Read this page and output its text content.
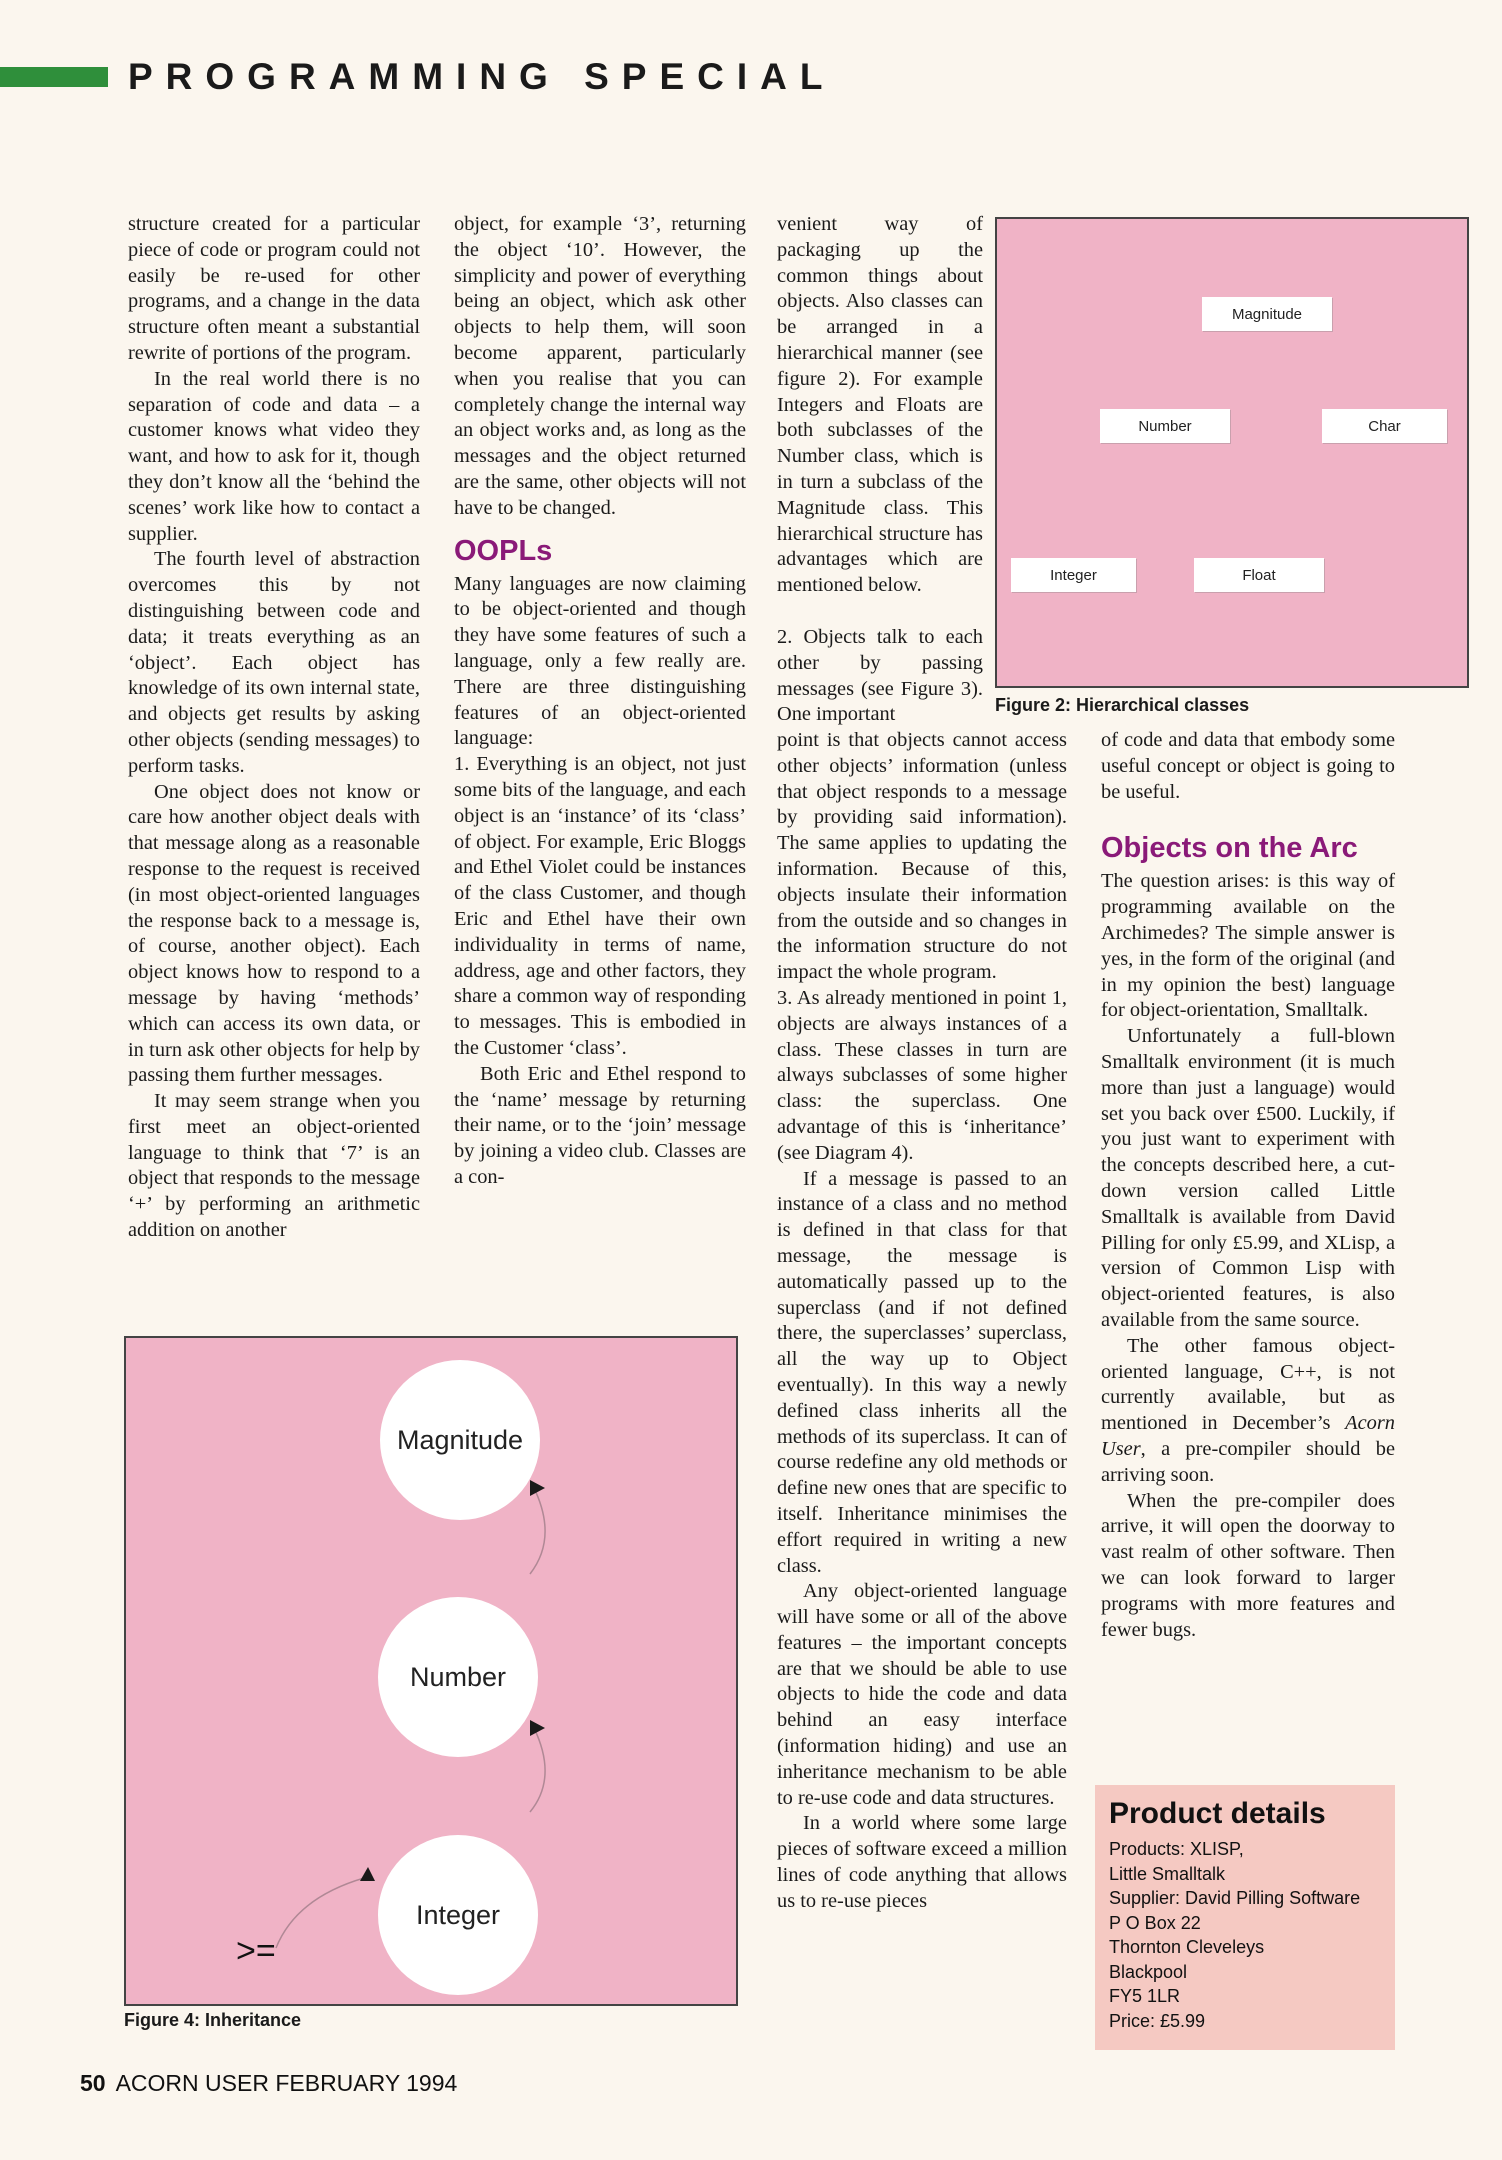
PROGRAMMING SPECIAL

structure created for a particular piece of code or program could not easily be re-used for other programs, and a change in the data structure often meant a substantial rewrite of portions of the program.

In the real world there is no separation of code and data – a customer knows what video they want, and how to ask for it, though they don’t know all the ‘behind the scenes’ work like how to contact a supplier.

The fourth level of abstraction overcomes this by not distinguishing between code and data; it treats everything as an ‘object’. Each object has knowledge of its own internal state, and objects get results by asking other objects (sending messages) to perform tasks.

One object does not know or care how another object deals with that message along as a reasonable response to the request is received (in most object-oriented languages the response back to a message is, of course, another object). Each object knows how to respond to a message by having ‘methods’ which can access its own data, or in turn ask other objects for help by passing them further messages.

It may seem strange when you first meet an object-oriented language to think that ‘7’ is an object that responds to the message ‘+’ by performing an arithmetic addition on another

object, for example ‘3’, returning the object ‘10’. However, the simplicity and power of everything being an object, which ask other objects to help them, will soon become apparent, particularly when you realise that you can completely change the internal way an object works and, as long as the messages and the object returned are the same, other objects will not have to be changed.

OOPLs

Many languages are now claiming to be object-oriented and though they have some features of such a language, only a few really are. There are three distinguishing features of an object-oriented language:

1. Everything is an object, not just some bits of the language, and each object is an ‘instance’ of its ‘class’ of object. For example, Eric Bloggs and Ethel Violet could be instances of the class Customer, and though Eric and Ethel have their own individuality in terms of name, address, age and other factors, they share a common way of responding to messages. This is embodied in the Customer ‘class’.

Both Eric and Ethel respond to the ‘name’ message by returning their name, or to the ‘join’ message by joining a video club. Classes are a con-

venient way of packaging up the common things about objects. Also classes can be arranged in a hierarchical manner (see figure 2). For example Integers and Floats are both subclasses of the Number class, which is in turn a subclass of the Magnitude class. This hierarchical structure has advantages which are mentioned below.

2. Objects talk to each other by passing messages (see Figure 3). One important

point is that objects cannot access other objects’ information (unless that object responds to a message by providing said information). The same applies to updating the information. Because of this, objects insulate their information from the outside and so changes in the information structure do not impact the whole program.

3. As already mentioned in point 1, objects are always instances of a class. These classes in turn are always subclasses of some higher class: the superclass. One advantage of this is ‘inheritance’ (see Diagram 4).

If a message is passed to an instance of a class and no method is defined in that class for that message, the message is automatically passed up to the superclass (and if not defined there, the superclasses’ superclass, all the way up to Object eventually). In this way a newly defined class inherits all the methods of its superclass. It can of course redefine any old methods or define new ones that are specific to itself. Inheritance minimises the effort required in writing a new class.

Any object-oriented language will have some or all of the above features – the important concepts are that we should be able to use objects to hide the code and data behind an easy interface (information hiding) and use an inheritance mechanism to be able to re-use code and data structures.

In a world where some large pieces of software exceed a million lines of code anything that allows us to re-use pieces

of code and data that embody some useful concept or object is going to be useful.

Objects on the Arc

The question arises: is this way of programming available on the Archimedes? The simple answer is yes, in the form of the original (and in my opinion the best) language for object-orientation, Smalltalk.

Unfortunately a full-blown Smalltalk environment (it is much more than just a language) would set you back over £500. Luckily, if you just want to experiment with the concepts described here, a cut-down version called Little Smalltalk is available from David Pilling for only £5.99, and XLisp, a version of Common Lisp with object-oriented features, is also available from the same source.

The other famous object-oriented language, C++, is not currently available, but as mentioned in December’s Acorn User, a pre-compiler should be arriving soon.

When the pre-compiler does arrive, it will open the doorway to vast realm of other software. Then we can look forward to larger programs with more features and fewer bugs.

Magnitude
Number	Char
Integer	Float
Figure 2: Hierarchical classes
Magnitude
Number
Integer
>=
Figure 4: Inheritance
Product details
Products: XLISP,
Little Smalltalk
Supplier: David Pilling Software
P O Box 22
Thornton Cleveleys
Blackpool
FY5 1LR
Price: £5.99
50 ACORN USER FEBRUARY 1994
